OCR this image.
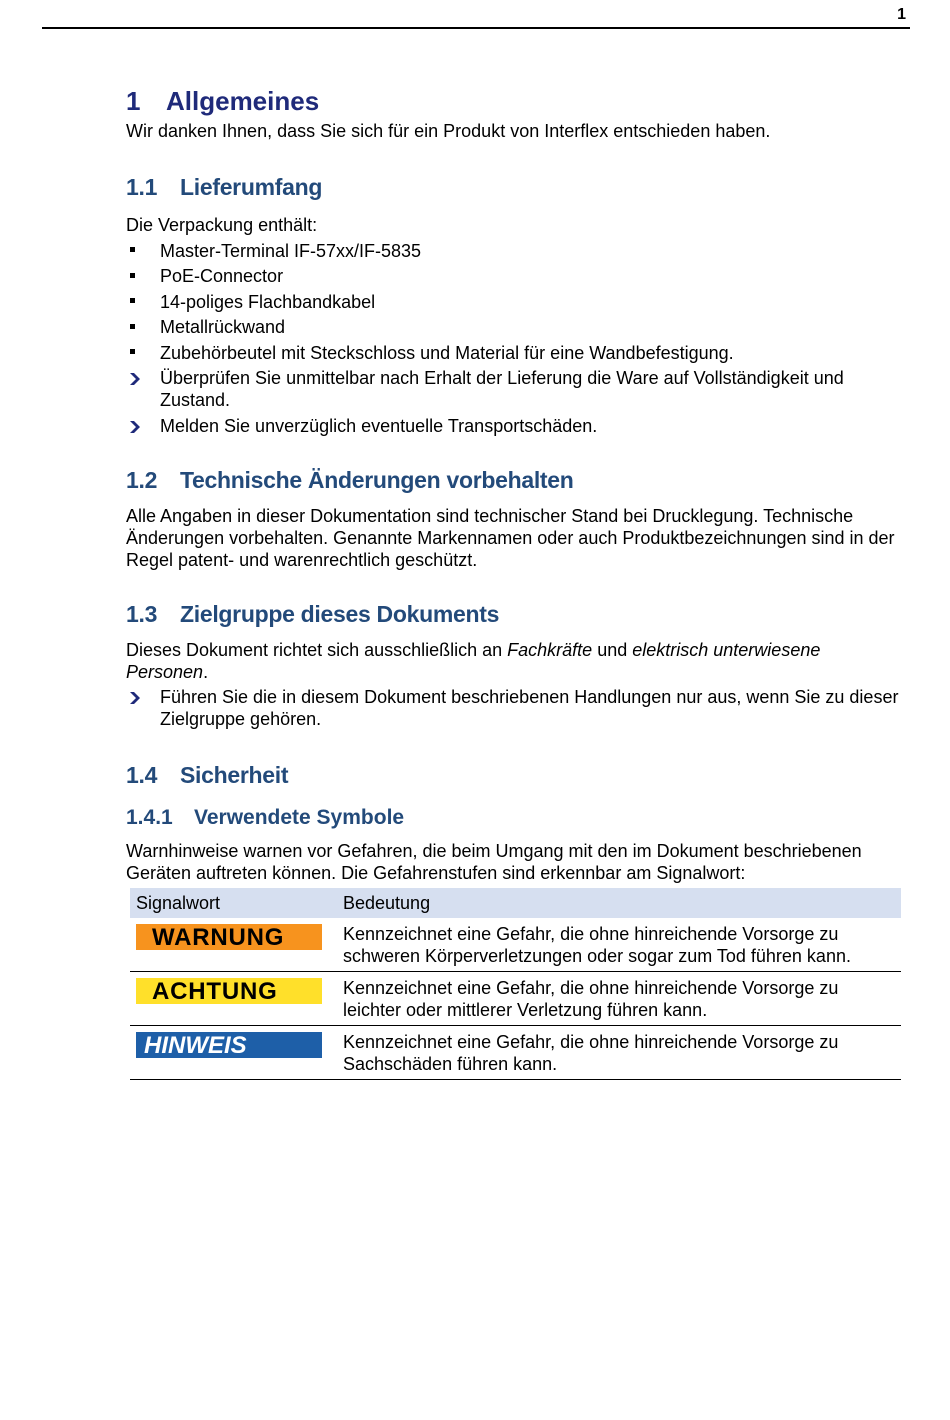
1
1 Allgemeines

Wir danken Ihnen, dass Sie sich für ein Produkt von Interflex entschieden haben.

1.1 Lieferumfang

Die Verpackung enthält:

Master-Terminal IF-57xx/IF-5835
PoE-Connector
14-poliges Flachbandkabel
Metallrückwand
Zubehörbeutel mit Steckschloss und Material für eine Wandbefestigung.
Überprüfen Sie unmittelbar nach Erhalt der Lieferung die Ware auf Vollständigkeit und Zustand.
Melden Sie unverzüglich eventuelle Transportschäden.
1.2 Technische Änderungen vorbehalten

Alle Angaben in dieser Dokumentation sind technischer Stand bei Drucklegung. Technische Änderungen vorbehalten. Genannte Markennamen oder auch Produktbezeichnungen sind in der Regel patent- und warenrechtlich geschützt.

1.3 Zielgruppe dieses Dokuments

Dieses Dokument richtet sich ausschließlich an Fachkräfte und elektrisch unterwiesene Personen.

Führen Sie die in diesem Dokument beschriebenen Handlungen nur aus, wenn Sie zu dieser Zielgruppe gehören.
1.4 Sicherheit
1.4.1 Verwendete Symbole

Warnhinweise warnen vor Gefahren, die beim Umgang mit den im Dokument beschriebenen Geräten auftreten können. Die Gefahrenstufen sind erkennbar am Signalwort:

Signalwort	Bedeutung

WARNUNG	Kennzeichnet eine Gefahr, die ohne hinreichende Vorsorge zu schweren Körperverletzungen oder sogar zum Tod führen kann.

ACHTUNG	Kennzeichnet eine Gefahr, die ohne hinreichende Vorsorge zu leichter oder mittlerer Verletzung führen kann.

HINWEIS	Kennzeichnet eine Gefahr, die ohne hinreichende Vorsorge zu Sachschäden führen kann.
